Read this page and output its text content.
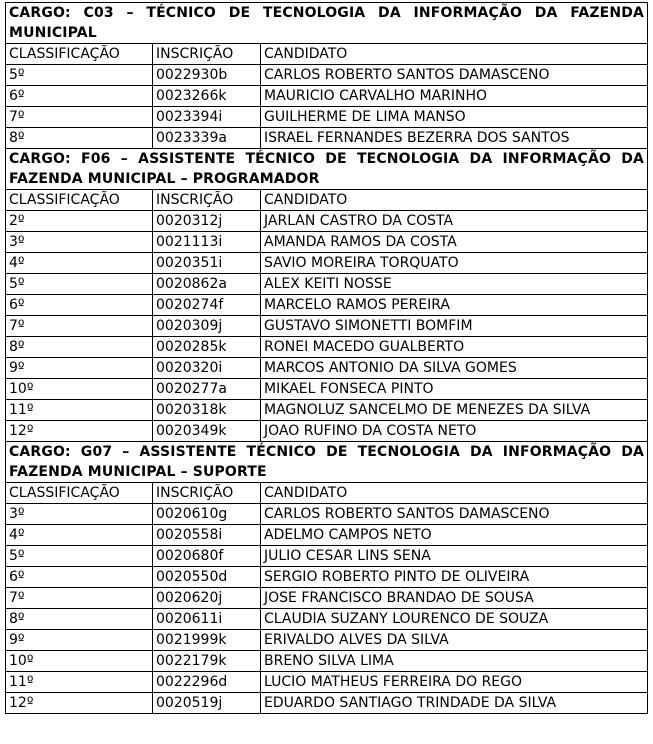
CARGO: C03 – TÉCNICO DE TECNOLOGIA DA INFORMAÇÃO DA FAZENDA MUNICIPAL		
CLASSIFICAÇÃO	INSCRIÇÃO	CANDIDATO
5º	0022930b	CARLOS ROBERTO SANTOS DAMASCENO
6º	0023266k	MAURICIO CARVALHO MARINHO
7º	0023394i	GUILHERME DE LIMA MANSO
8º	0023339a	ISRAEL FERNANDES BEZERRA DOS SANTOS
CARGO: F06 – ASSISTENTE TÉCNICO DE TECNOLOGIA DA INFORMAÇÃO DA FAZENDA MUNICIPAL – PROGRAMADOR		
CLASSIFICAÇÃO	INSCRIÇÃO	CANDIDATO
2º	0020312j	JARLAN CASTRO DA COSTA
3º	0021113i	AMANDA RAMOS DA COSTA
4º	0020351i	SAVIO MOREIRA TORQUATO
5º	0020862a	ALEX KEITI NOSSE
6º	0020274f	MARCELO RAMOS PEREIRA
7º	0020309j	GUSTAVO SIMONETTI BOMFIM
8º	0020285k	RONEI MACEDO GUALBERTO
9º	0020320i	MARCOS ANTONIO DA SILVA GOMES
10º	0020277a	MIKAEL FONSECA PINTO
11º	0020318k	MAGNOLUZ SANCELMO DE MENEZES DA SILVA
12º	0020349k	JOAO RUFINO DA COSTA NETO
CARGO: G07 – ASSISTENTE TÉCNICO DE TECNOLOGIA DA INFORMAÇÃO DA FAZENDA MUNICIPAL – SUPORTE		
CLASSIFICAÇÃO	INSCRIÇÃO	CANDIDATO
3º	0020610g	CARLOS ROBERTO SANTOS DAMASCENO
4º	0020558i	ADELMO CAMPOS NETO
5º	0020680f	JULIO CESAR LINS SENA
6º	0020550d	SERGIO ROBERTO PINTO DE OLIVEIRA
7º	0020620j	JOSE FRANCISCO BRANDAO DE SOUSA
8º	0020611i	CLAUDIA SUZANY LOURENCO DE SOUZA
9º	0021999k	ERIVALDO ALVES DA SILVA
10º	0022179k	BRENO SILVA LIMA
11º	0022296d	LUCIO MATHEUS FERREIRA DO REGO
12º	0020519j	EDUARDO SANTIAGO TRINDADE DA SILVA
